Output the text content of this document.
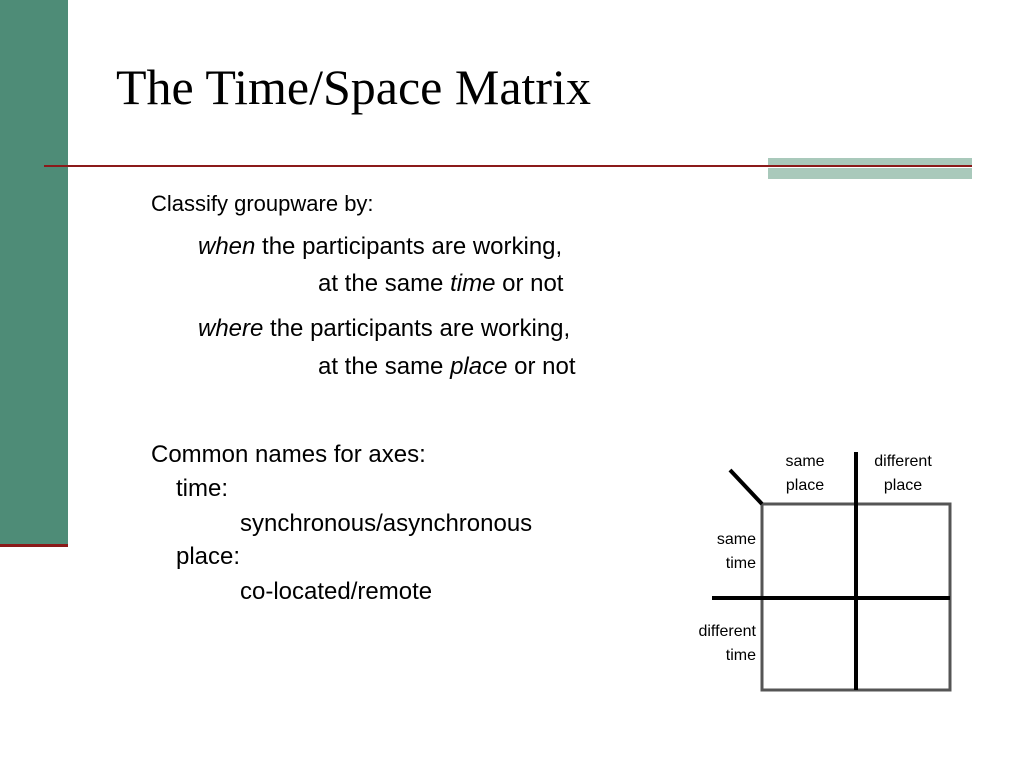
The Time/Space Matrix
Classify groupware by:
when the participants are working,
at the same time or not
where the participants are working,
at the same place or not
Common names for axes:
time:
synchronous/asynchronous
place:
co-located/remote
same
place
different
place
same
time
different
time
